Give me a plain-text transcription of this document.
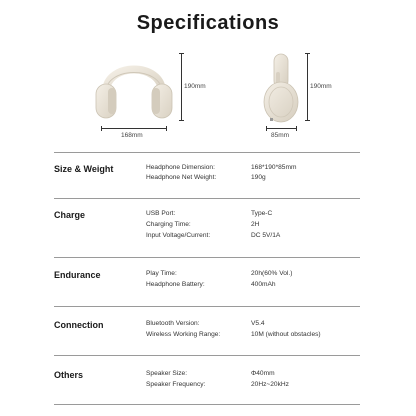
Specifications
190mm
168mm
190mm
85mm
Size & Weight	Headphone Dimension:	168*190*85mm
Headphone Net Weight:	190g
Charge	USB Port:	Type-C
Charging Time:	2H
Input Voltage/Current:	DC 5V/1A
Endurance	Play Time:	20h(60% Vol.)
Headphone Battery:	400mAh
Connection	Bluetooth Version:	V5.4
Wireless Working Range:	10M (without obstacles)
Others	Speaker Size:	Φ40mm
Speaker Frequency:	20Hz~20kHz
